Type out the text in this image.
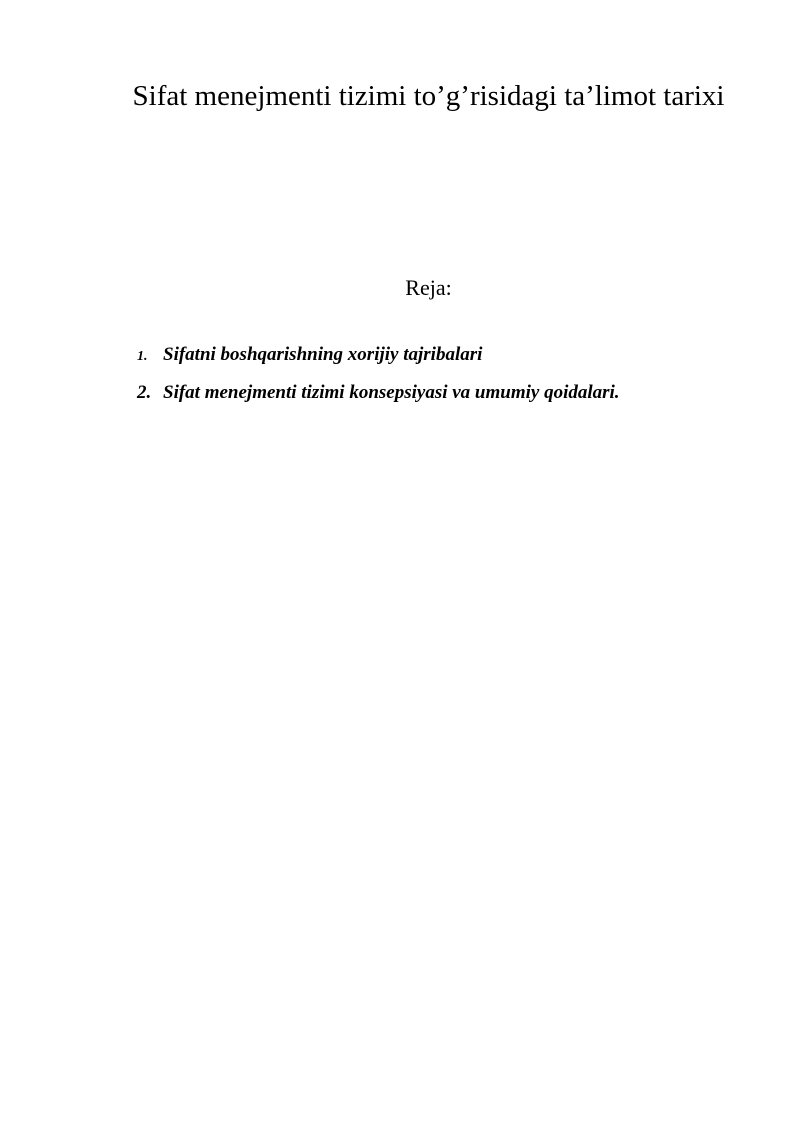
Sifat menejmenti tizimi to’g’risidagi ta’limot tarixi

Reja:

1. Sifatni boshqarishning xorijiy tajribalari
2. Sifat menejmenti tizimi konsepsiyasi va umumiy qoidalari.
